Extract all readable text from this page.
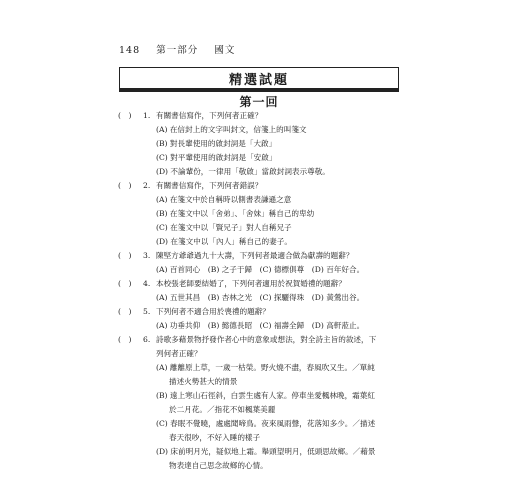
148 第一部分 國文
精選試題
第一回
(　) 1. 有關書信寫作，下列何者正確？
(A) 在信封上的文字叫封文，信箋上的叫箋文
(B) 對長輩使用的啟封詞是「大啟」
(C) 對平輩使用的啟封詞是「安啟」
(D) 不論輩份，一律用「敬啟」當啟封詞表示尊敬。
(　) 2. 有關書信寫作，下列何者錯誤？
(A) 在箋文中於自稱時以側書表謙遜之意
(B) 在箋文中以「舍弟」、「舍妹」稱自己的卑幼
(C) 在箋文中以「賢兄子」對人自稱兄子
(D) 在箋文中以「內人」稱自己的妻子。
(　) 3. 陳堅方爺爺過九十大壽，下列何者最適合做為獻壽的題辭？
(A) 百首同心　(B) 之子于歸　(C) 德標俱尊　(D) 百年好合。
(　) 4. 本校張老師要結婚了，下列何者適用於祝賀婚禮的題辭？
(A) 五世其昌　(B) 杏林之光　(C) 探驪得珠　(D) 黃鶯出谷。
(　) 5. 下列何者不適合用於喪禮的題辭？
(A) 功垂共仰　(B) 懿德長昭　(C) 福壽全歸　(D) 高軒蒞止。
(　) 6. 詩歌多藉景物抒發作者心中的意象或想法，對全詩主旨的敘述，下
列何者正確？
(A) 離離原上草，一歲一枯榮。野火燒不盡，春風吹又生。／單純
描述火勢甚大的情景
(B) 遠上寒山石徑斜，白雲生處有人家。停車坐愛楓林晚，霜葉紅
於二月花。／指花不如楓葉美麗
(C) 春眠不覺曉，處處聞啼鳥。夜來風雨聲，花落知多少。／描述
春天很吵，不好入睡的樣子
(D) 床前明月光，疑似地上霜。舉頭望明月，低頭思故鄉。／藉景
物表達自己思念故鄉的心情。
